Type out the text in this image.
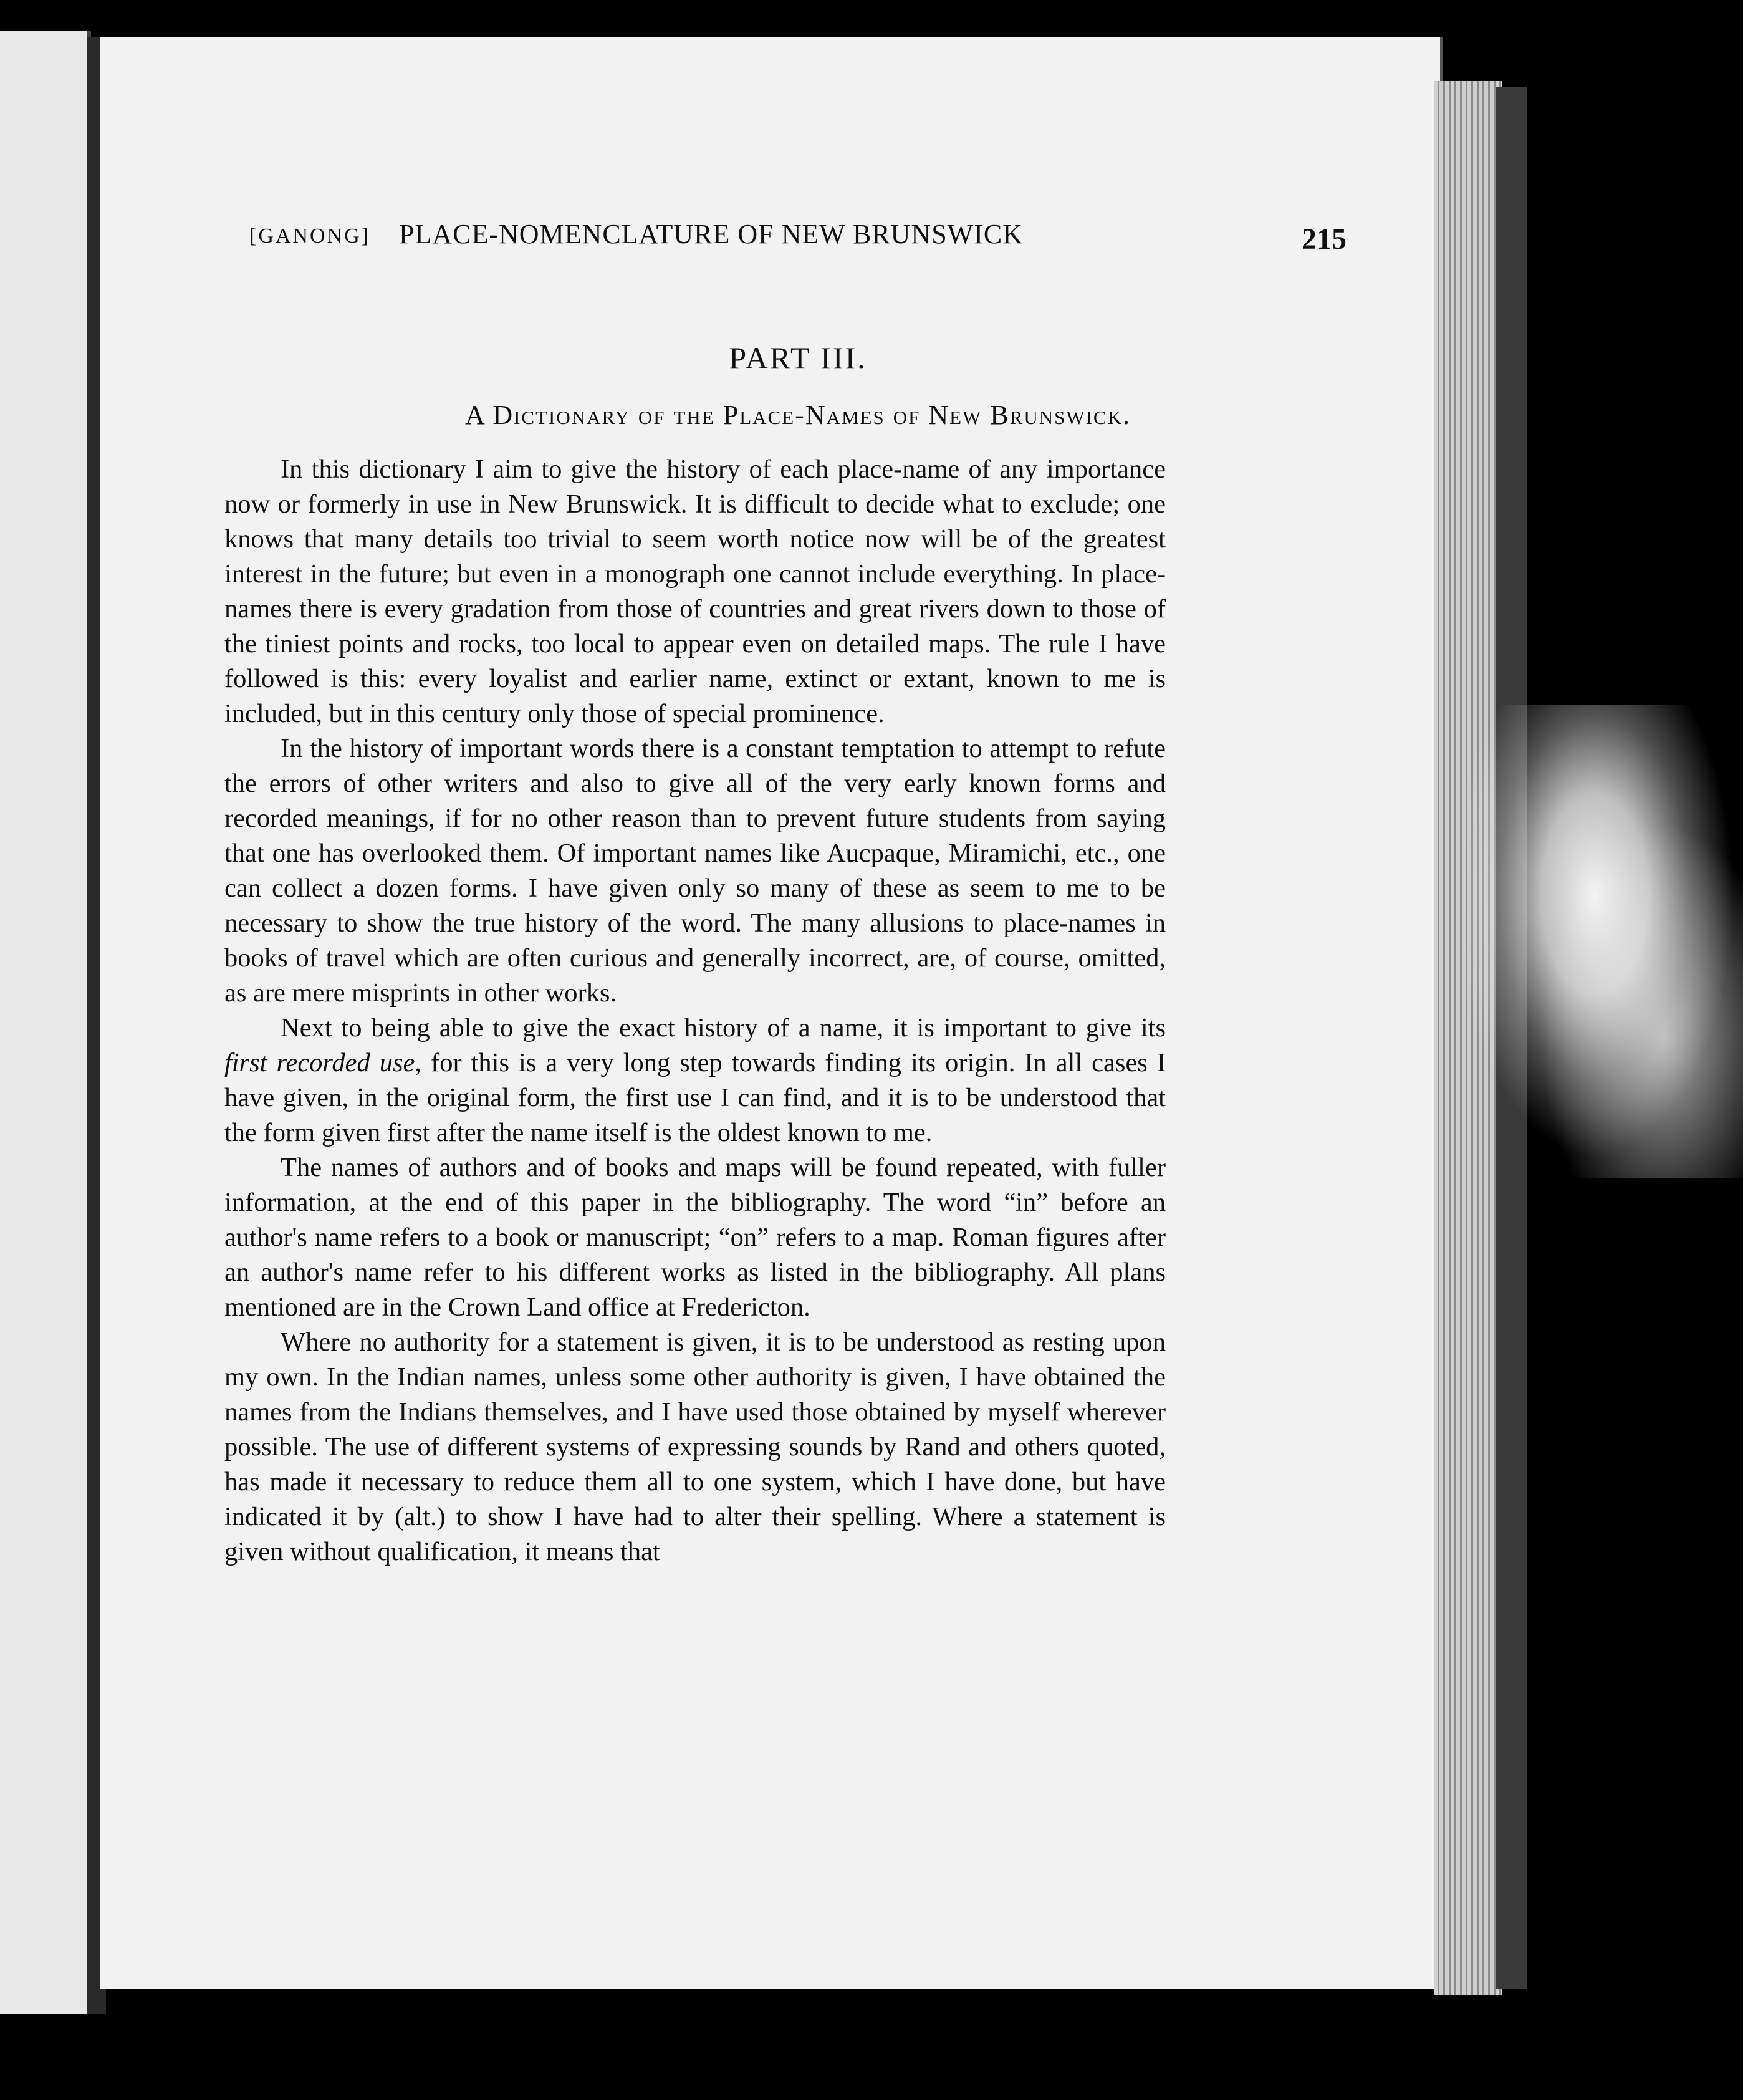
[GANONG] PLACE-NOMENCLATURE OF NEW BRUNSWICK	215
PART III.
A Dictionary of the Place-Names of New Brunswick.

In this dictionary I aim to give the history of each place-name of any importance now or formerly in use in New Brunswick. It is difficult to decide what to exclude; one knows that many details too trivial to seem worth notice now will be of the greatest interest in the future; but even in a monograph one cannot include everything. In place-names there is every gradation from those of countries and great rivers down to those of the tiniest points and rocks, too local to appear even on detailed maps. The rule I have followed is this: every loyalist and earlier name, extinct or extant, known to me is included, but in this century only those of special prominence.

In the history of important words there is a constant temptation to attempt to refute the errors of other writers and also to give all of the very early known forms and recorded meanings, if for no other reason than to prevent future students from saying that one has overlooked them. Of important names like Aucpaque, Miramichi, etc., one can collect a dozen forms. I have given only so many of these as seem to me to be necessary to show the true history of the word. The many allusions to place-names in books of travel which are often curious and generally incorrect, are, of course, omitted, as are mere misprints in other works.

Next to being able to give the exact history of a name, it is important to give its first recorded use, for this is a very long step towards finding its origin. In all cases I have given, in the original form, the first use I can find, and it is to be understood that the form given first after the name itself is the oldest known to me.

The names of authors and of books and maps will be found repeated, with fuller information, at the end of this paper in the bibliography. The word “in” before an author's name refers to a book or manuscript; “on” refers to a map. Roman figures after an author's name refer to his different works as listed in the bibliography. All plans mentioned are in the Crown Land office at Fredericton.

Where no authority for a statement is given, it is to be understood as resting upon my own. In the Indian names, unless some other authority is given, I have obtained the names from the Indians themselves, and I have used those obtained by myself wherever possible. The use of different systems of expressing sounds by Rand and others quoted, has made it necessary to reduce them all to one system, which I have done, but have indicated it by (alt.) to show I have had to alter their spelling. Where a statement is given without qualification, it means that
